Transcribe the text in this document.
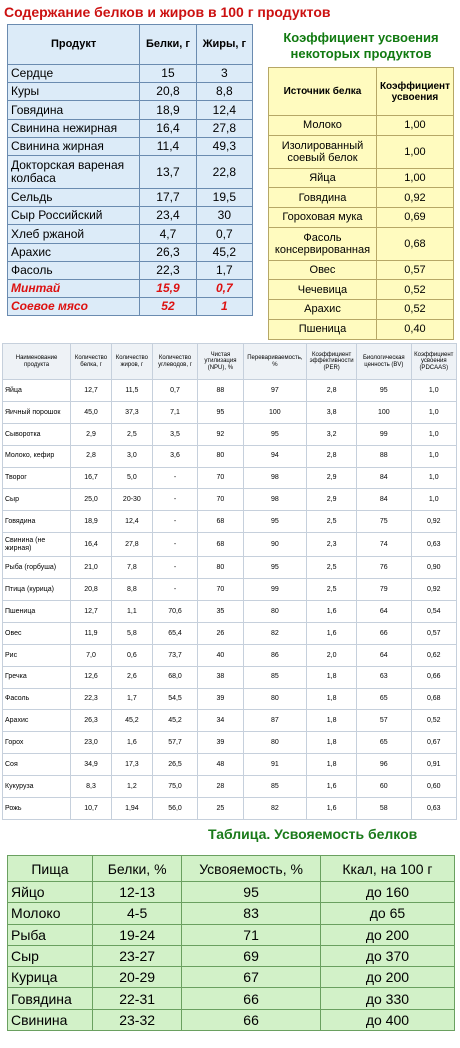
Содержание белков и жиров в 100 г продуктов
Продукт	Белки, г	Жиры, г
Сердце	15	3
Куры	20,8	8,8
Говядина	18,9	12,4
Свинина нежирная	16,4	27,8
Свинина жирная	11,4	49,3
Докторская вареная колбаса	13,7	22,8
Сельдь	17,7	19,5
Сыр Российский	23,4	30
Хлеб ржаной	4,7	0,7
Арахис	26,3	45,2
Фасоль	22,3	1,7
Минтай	15,9	0,7
Соевое мясо	52	1
Коэффициент усвоения некоторых продуктов
Источник белка	Коэффициент усвоения
Молоко	1,00
Изолированный соевый белок	1,00
Яйца	1,00
Говядина	0,92
Гороховая мука	0,69
Фасоль консервированная	0,68
Овес	0,57
Чечевица	0,52
Арахис	0,52
Пшеница	0,40
Наименование продукта	Количество белка, г	Количество жиров, г	Количество углеводов, г	Чистая утилизация (NPU), %	Перевариваемость, %	Коэффициент эффективности (PER)	Биологическая ценность (BV)	Коэффициент усвоения (PDCAAS)
Яйца	12,7	11,5	0,7	88	97	2,8	95	1,0
Яичный порошок	45,0	37,3	7,1	95	100	3,8	100	1,0
Сыворотка	2,9	2,5	3,5	92	95	3,2	99	1,0
Молоко, кефир	2,8	3,0	3,6	80	94	2,8	88	1,0
Творог	16,7	5,0	-	70	98	2,9	84	1,0
Сыр	25,0	20-30	-	70	98	2,9	84	1,0
Говядина	18,9	12,4	-	68	95	2,5	75	0,92
Свинина (не жирная)	16,4	27,8	-	68	90	2,3	74	0,63
Рыба (горбуша)	21,0	7,8	-	80	95	2,5	76	0,90
Птица (курица)	20,8	8,8	-	70	99	2,5	79	0,92
Пшеница	12,7	1,1	70,6	35	80	1,6	64	0,54
Овес	11,9	5,8	65,4	26	82	1,6	66	0,57
Рис	7,0	0,6	73,7	40	86	2,0	64	0,62
Гречка	12,6	2,6	68,0	38	85	1,8	63	0,66
Фасоль	22,3	1,7	54,5	39	80	1,8	65	0,68
Арахис	26,3	45,2	45,2	34	87	1,8	57	0,52
Горох	23,0	1,6	57,7	39	80	1,8	65	0,67
Соя	34,9	17,3	26,5	48	91	1,8	96	0,91
Кукуруза	8,3	1,2	75,0	28	85	1,6	60	0,60
Рожь	10,7	1,94	56,0	25	82	1,6	58	0,63
Таблица. Усвояемость белков
Пища	Белки, %	Усвояемость, %	Ккал, на 100 г
Яйцо	12-13	95	до 160
Молоко	4-5	83	до 65
Рыба	19-24	71	до 200
Сыр	23-27	69	до 370
Курица	20-29	67	до 200
Говядина	22-31	66	до 330
Свинина	23-32	66	до 400
